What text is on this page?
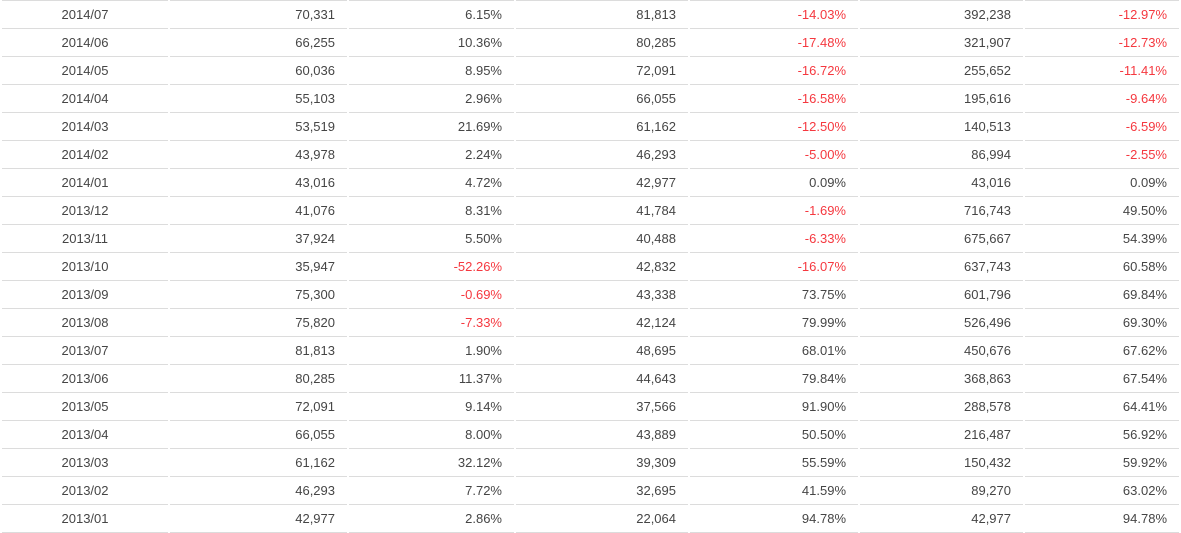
2014/07	70,331	6.15%	81,813	-14.03%	392,238	-12.97%
2014/06	66,255	10.36%	80,285	-17.48%	321,907	-12.73%
2014/05	60,036	8.95%	72,091	-16.72%	255,652	-11.41%
2014/04	55,103	2.96%	66,055	-16.58%	195,616	-9.64%
2014/03	53,519	21.69%	61,162	-12.50%	140,513	-6.59%
2014/02	43,978	2.24%	46,293	-5.00%	86,994	-2.55%
2014/01	43,016	4.72%	42,977	0.09%	43,016	0.09%
2013/12	41,076	8.31%	41,784	-1.69%	716,743	49.50%
2013/11	37,924	5.50%	40,488	-6.33%	675,667	54.39%
2013/10	35,947	-52.26%	42,832	-16.07%	637,743	60.58%
2013/09	75,300	-0.69%	43,338	73.75%	601,796	69.84%
2013/08	75,820	-7.33%	42,124	79.99%	526,496	69.30%
2013/07	81,813	1.90%	48,695	68.01%	450,676	67.62%
2013/06	80,285	11.37%	44,643	79.84%	368,863	67.54%
2013/05	72,091	9.14%	37,566	91.90%	288,578	64.41%
2013/04	66,055	8.00%	43,889	50.50%	216,487	56.92%
2013/03	61,162	32.12%	39,309	55.59%	150,432	59.92%
2013/02	46,293	7.72%	32,695	41.59%	89,270	63.02%
2013/01	42,977	2.86%	22,064	94.78%	42,977	94.78%
